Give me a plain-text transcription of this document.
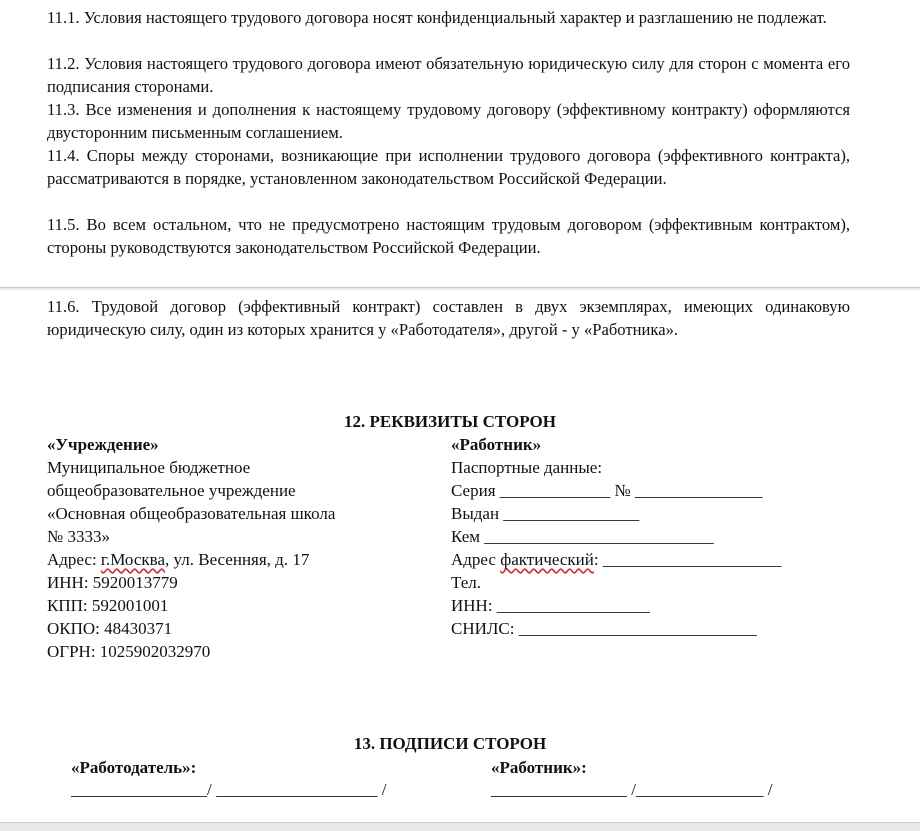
11.1. Условия настоящего трудового договора носят конфиденциальный характер и разглашению не подлежат.

11.2. Условия настоящего трудового договора имеют обязательную юридическую силу для сторон с момента его подписания сторонами.

11.3. Все изменения и дополнения к настоящему трудовому договору (эффективному контракту) оформляются двусторонним письменным соглашением.

11.4. Споры между сторонами, возникающие при исполнении трудового договора (эффективного контракта), рассматриваются в порядке, установленном законодательством Российской Федерации.

11.5. Во всем остальном, что не предусмотрено настоящим трудовым договором (эффективным контрактом), стороны руководствуются законодательством Российской Федерации.

11.6. Трудовой договор (эффективный контракт) составлен в двух экземплярах, имеющих одинаковую юридическую силу, один из которых хранится у «Работодателя», другой - у «Работника».

12. РЕКВИЗИТЫ СТОРОН
«Учреждение»
Муниципальное бюджетное
общеобразовательное учреждение
«Основная общеобразовательная школа
№ 3333»
Адрес: г.Москва, ул. Весенняя, д. 17
ИНН: 5920013779
КПП: 592001001
ОКПО: 48430371
ОГРН: 1025902032970
«Работник»
Паспортные данные:
Серия _____________ № _______________
Выдан ________________
Кем ___________________________
Адрес фактический: _____________________
Тел.
ИНН: __________________
СНИЛС: ____________________________
13. ПОДПИСИ СТОРОН
«Работодатель»:
________________/ ___________________ /
«Работник»:
________________ /_______________ /
